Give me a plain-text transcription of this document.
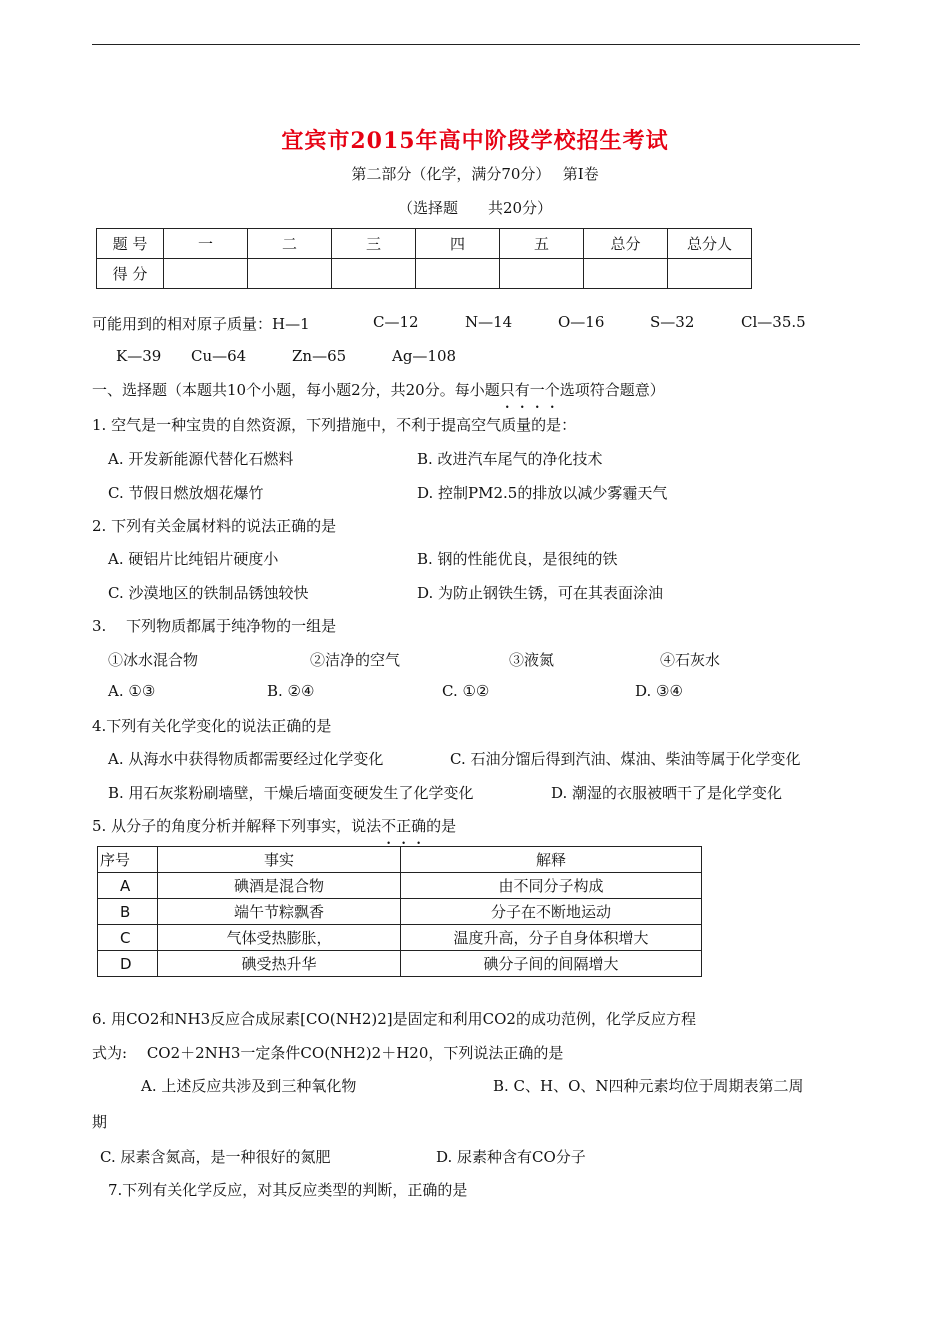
宜宾市2015年高中阶段学校招生考试
第二部分（化学，满分70分）　 第Ⅰ卷
（选择题　　共20分）
题 号	一	二	三	四	五	总分	总分人
得 分							
可能用到的相对原子质量：H—1	C—12	N—14	O—16	S—32	Cl—35.5
K—39 Cu—64	Zn—65	Ag—108
一、选择题（本题共10个小题，每小题2分，共20分。每小题只有一个选项符合题意）
1. 空气是一种宝贵的自然资源，下列措施中，不利于提高空气质量的是：
A. 开发新能源代替化石燃料	B. 改进汽车尾气的净化技术
C. 节假日燃放烟花爆竹	D. 控制PM2.5的排放以减少雾霾天气
2. 下列有关金属材料的说法正确的是
A. 硬铝片比纯铝片硬度小	B. 钢的性能优良，是很纯的铁
C. 沙漠地区的铁制品锈蚀较快	D. 为防止钢铁生锈，可在其表面涂油
3.　 下列物质都属于纯净物的一组是
①冰水混合物	②洁净的空气	③液氮	④石灰水
A. ①③	B. ②④	C. ①②	D. ③④
4.下列有关化学变化的说法正确的是
A. 从海水中获得物质都需要经过化学变化	C. 石油分馏后得到汽油、煤油、柴油等属于化学变化
B. 用石灰浆粉刷墙壁，干燥后墙面变硬发生了化学变化	D. 潮湿的衣服被晒干了是化学变化
5. 从分子的角度分析并解释下列事实，说法不正确的是
序号	事实	解释
A	碘酒是混合物	由不同分子构成
B	端午节粽飘香	分子在不断地运动
C	气体受热膨胀，	温度升高，分子自身体积增大
D	碘受热升华	碘分子间的间隔增大
6. 用CO2和NH3反应合成尿素[CO(NH2)2]是固定和利用CO2的成功范例，化学反应方程
式为:　 CO2＋2NH3一定条件CO(NH2)2＋H20，下列说法正确的是
A. 上述反应共涉及到三种氧化物	B. C、H、O、N四种元素均位于周期表第二周
期
C. 尿素含氮高，是一种很好的氮肥	D. 尿素种含有CO分子
7.下列有关化学反应，对其反应类型的判断，正确的是
